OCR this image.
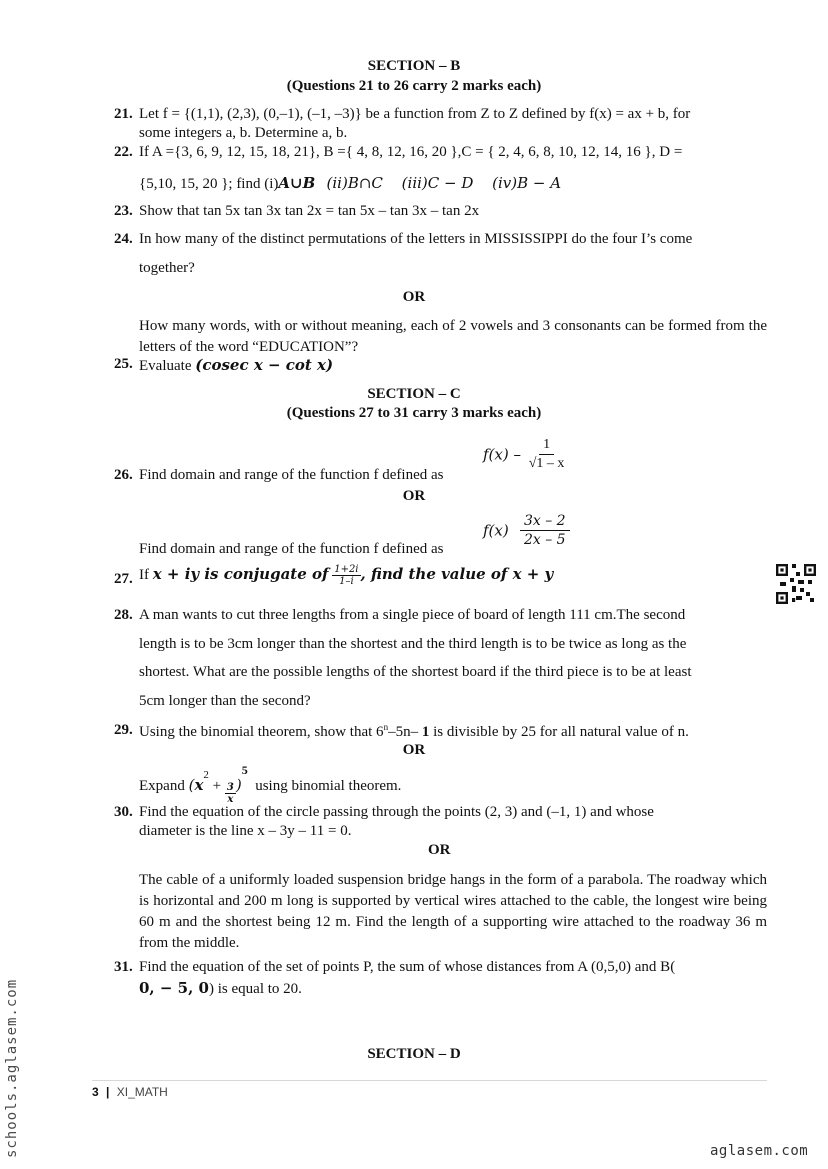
SECTION – B
(Questions 21 to 26 carry 2 marks each)
21. Let f = {(1,1), (2,3), (0,–1), (–1, –3)} be a function from Z to Z defined by f(x) = ax + b, for
some integers a, b. Determine a, b.
22. If A ={3, 6, 9, 12, 15, 18, 21}, B ={ 4, 8, 12, 16, 20 },C = { 2, 4, 6, 8, 10, 12, 14, 16 }, D =
{5,10, 15, 20 }; find (i)A∪B (ii)B∩C (iii)C − D (iv)B − A
23. Show that tan 5x tan 3x tan 2x = tan 5x – tan 3x – tan 2x
24. In how many of the distinct permutations of the letters in MISSISSIPPI do the four I’s come
together?
OR
How many words, with or without meaning, each of 2 vowels and 3 consonants can be formed from the letters of the word “EDUCATION”?
25. Evaluate (cosec x − cot x)
SECTION – C
(Questions 27 to 31 carry 3 marks each)
$f(x) - \frac{1}{√1 - x}$
26. Find domain and range of the function f defined as
OR
$f(x) \frac{3x - 2}{2x - 5}$
Find domain and range of the function f defined as
27. If x + iy is conjugate of $\frac{1+2i}{1-i}$ , find the value of x + y
28. A man wants to cut three lengths from a single piece of board of length 111 cm.The second
length is to be 3cm longer than the shortest and the third length is to be twice as long as the
shortest. What are the possible lengths of the shortest board if the third piece is to be at least
5cm longer than the second?
29. Using the binomial theorem, show that 6$^n$–5n– 1 is divisible by 25 for all natural value of n.
OR
Expand $(x2 + \frac{3}{x} )5$  using binomial theorem.
30. Find the equation of the circle passing through the points (2, 3) and (–1, 1) and whose
diameter is the line x – 3y – 11 = 0.
OR
The cable of a uniformly loaded suspension bridge hangs in the form of a parabola. The roadway which is horizontal and 200 m long is supported by vertical wires attached to the cable, the longest wire being 60 m and the shortest being 12 m. Find the length of a supporting wire attached to the roadway 36 m from the middle.
31. Find the equation of the set of points P, the sum of whose distances from A (0,5,0) and B(
0, − 5, 0) is equal to 20.
SECTION – D
3 | XI_MATH
schools.aglasem.com	aglasem.com
